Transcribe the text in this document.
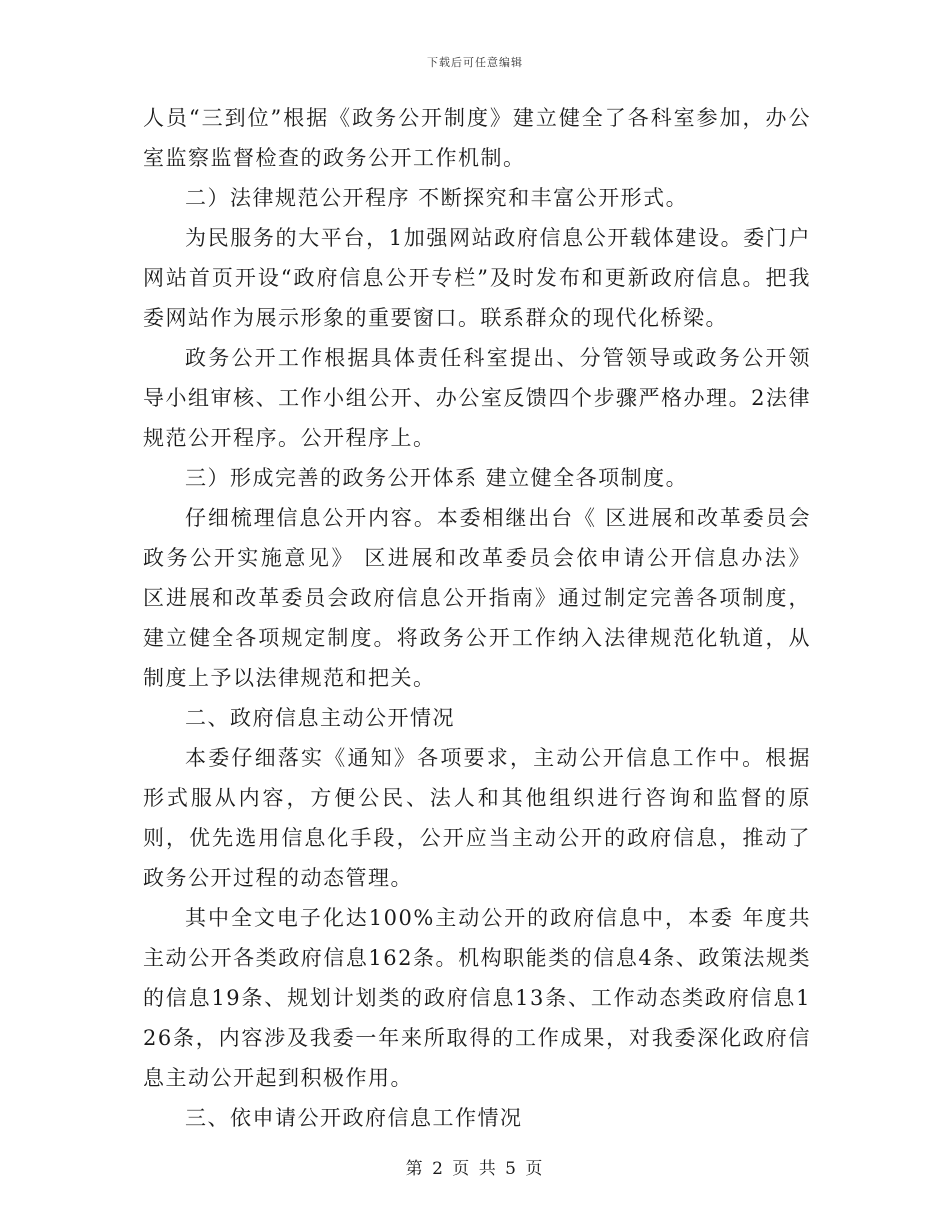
下载后可任意编辑

人员“三到位”根据《政务公开制度》建立健全了各科室参加，办公室监察监督检查的政务公开工作机制。

二）法律规范公开程序 不断探究和丰富公开形式。

为民服务的大平台，1加强网站政府信息公开载体建设。委门户网站首页开设“政府信息公开专栏”及时发布和更新政府信息。把我委网站作为展示形象的重要窗口。联系群众的现代化桥梁。

政务公开工作根据具体责任科室提出、分管领导或政务公开领导小组审核、工作小组公开、办公室反馈四个步骤严格办理。2法律规范公开程序。公开程序上。

三）形成完善的政务公开体系 建立健全各项制度。

仔细梳理信息公开内容。本委相继出台《 区进展和改革委员会政务公开实施意见》 区进展和改革委员会依申请公开信息办法》 区进展和改革委员会政府信息公开指南》通过制定完善各项制度，建立健全各项规定制度。将政务公开工作纳入法律规范化轨道，从制度上予以法律规范和把关。

二、政府信息主动公开情况

本委仔细落实《通知》各项要求，主动公开信息工作中。根据形式服从内容，方便公民、法人和其他组织进行咨询和监督的原则，优先选用信息化手段，公开应当主动公开的政府信息，推动了政务公开过程的动态管理。

其中全文电子化达100%主动公开的政府信息中，本委 年度共主动公开各类政府信息162条。机构职能类的信息4条、政策法规类的信息19条、规划计划类的政府信息13条、工作动态类政府信息126条，内容涉及我委一年来所取得的工作成果，对我委深化政府信息主动公开起到积极作用。

三、依申请公开政府信息工作情况

第 2 页 共 5 页
